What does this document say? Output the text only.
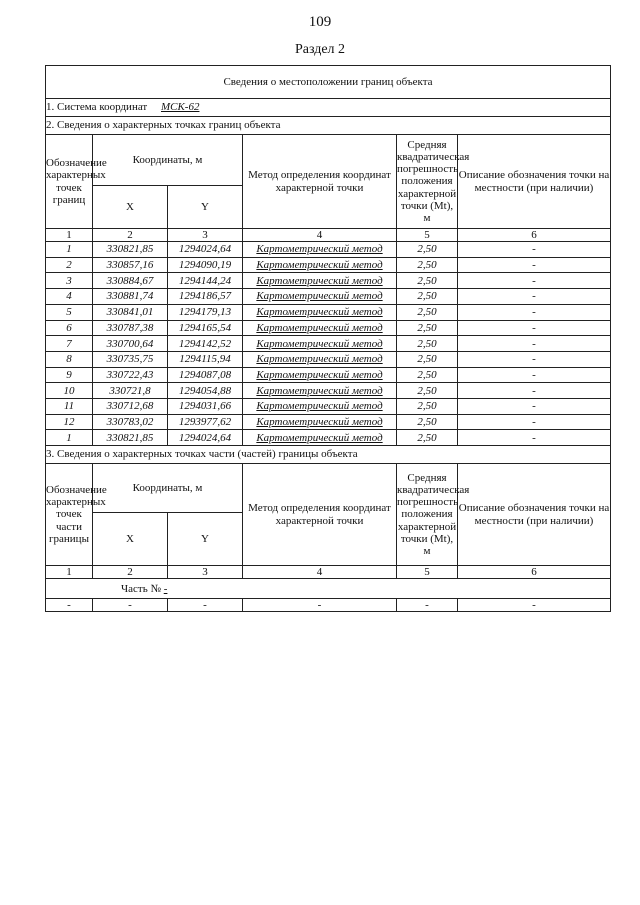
109
Раздел 2
Сведения о местоположении границ объекта					
1. Система координат МСК-62					
2. Сведения о характерных точках границ объекта					
Обозначение характерных точек границ	Координаты, м		Метод определения координат характерной точки	Средняя квадратическая погрешность положения характерной точки (Мt), м	Описание обозначения точки на местности (при наличии)
	X	Y			
1	2	3	4	5	6
1	330821,85	1294024,64	Картометрический метод	2,50	-
2	330857,16	1294090,19	Картометрический метод	2,50	-
3	330884,67	1294144,24	Картометрический метод	2,50	-
4	330881,74	1294186,57	Картометрический метод	2,50	-
5	330841,01	1294179,13	Картометрический метод	2,50	-
6	330787,38	1294165,54	Картометрический метод	2,50	-
7	330700,64	1294142,52	Картометрический метод	2,50	-
8	330735,75	1294115,94	Картометрический метод	2,50	-
9	330722,43	1294087,08	Картометрический метод	2,50	-
10	330721,8	1294054,88	Картометрический метод	2,50	-
11	330712,68	1294031,66	Картометрический метод	2,50	-
12	330783,02	1293977,62	Картометрический метод	2,50	-
1	330821,85	1294024,64	Картометрический метод	2,50	-
3. Сведения о характерных точках части (частей) границы объекта					
Обозначение характерных точек части границы	Координаты, м		Метод определения координат характерной точки	Средняя квадратическая погрешность положения характерной точки (Мt), м	Описание обозначения точки на местности (при наличии)
	X	Y			
1	2	3	4	5	6
Часть № -					
-	-	-	-	-	-
